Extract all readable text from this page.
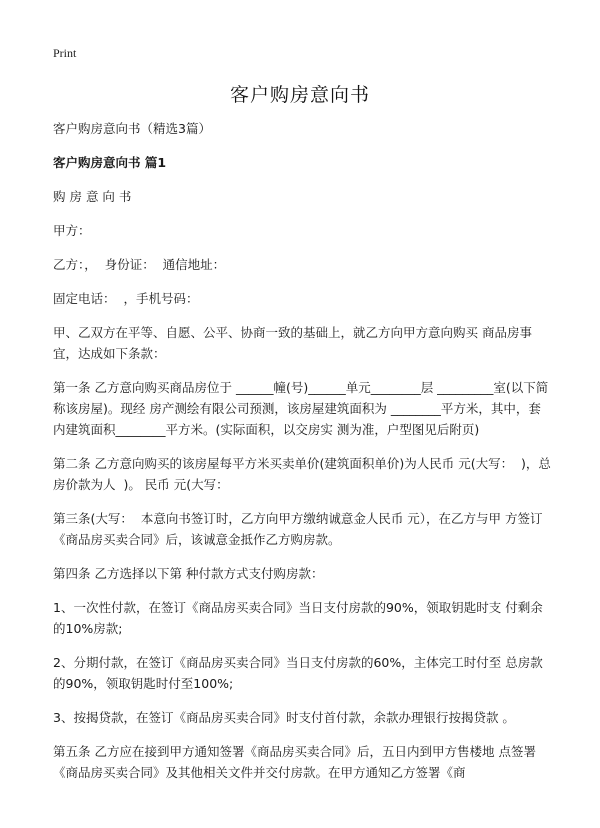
Print
客户购房意向书

客户购房意向书（精选3篇）

客户购房意向书 篇1

购 房 意 向 书

甲方：

乙方：，  身份证：  通信地址：

固定电话：  ，手机号码：

甲、乙双方在平等、自愿、公平、协商一致的基础上，就乙方向甲方意向购买 商品房事宜，达成如下条款：

第一条 乙方意向购买商品房位于 ______幢(号)______单元________层 _________室(以下简称该房屋)。现经 房产测绘有限公司预测，该房屋建筑面积为 ________平方米，其中，套内建筑面积________平方米。(实际面积，以交房实 测为准，户型图见后附页)

第二条 乙方意向购买的该房屋每平方米买卖单价(建筑面积单价)为人民币 元(大写：  )，总房价款为人  )。 民币 元(大写：

第三条(大写：  本意向书签订时，乙方向甲方缴纳诚意金人民币 元），在乙方与甲 方签订《商品房买卖合同》后，该诚意金抵作乙方购房款。

第四条 乙方选择以下第 种付款方式支付购房款：

1、一次性付款，在签订《商品房买卖合同》当日支付房款的90%，领取钥匙时支 付剩余的10%房款;

2、分期付款，在签订《商品房买卖合同》当日支付房款的60%，主体完工时付至 总房款的90%，领取钥匙时付至100%;

3、按揭贷款，在签订《商品房买卖合同》时支付首付款，余款办理银行按揭贷款 。

第五条 乙方应在接到甲方通知签署《商品房买卖合同》后，五日内到甲方售楼地 点签署《商品房买卖合同》及其他相关文件并交付房款。在甲方通知乙方签署《商
